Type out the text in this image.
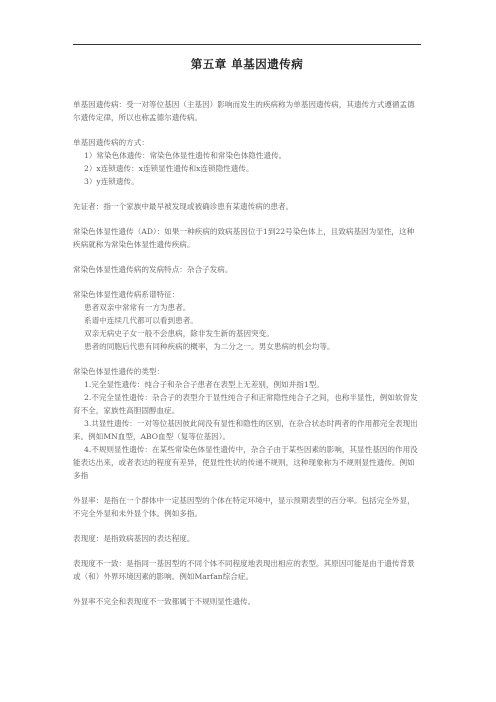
第五章 单基因遗传病

单基因遗传病：受一对等位基因（主基因）影响而发生的疾病称为单基因遗传病，其遗传方式遵循孟德尔遗传定律，所以也称孟德尔遗传病。

单基因遗传病的方式：

1）常染色体遗传：常染色体显性遗传和常染色体隐性遗传。

2）x连锁遗传：x连锁显性遗传和x连锁隐性遗传。

3）y连锁遗传。

先证者：指一个家族中最早被发现或被确诊患有某遗传病的患者。

常染色体显性遗传（AD）：如果一种疾病的致病基因位于1到22号染色体上，且致病基因为显性，这种疾病就称为常染色体显性遗传疾病。

常染色体显性遗传病的发病特点：杂合子发病。

常染色体显性遗传病系谱特征：

患者双亲中常常有一方为患者。

系谱中连续几代都可以看到患者。

双亲无病史子女一般不会患病，除非发生新的基因突变。

患者的同胞后代患有同种疾病的概率，为二分之一。男女患病的机会均等。

常染色体显性遗传的类型：

1.完全显性遗传：纯合子和杂合子患者在表型上无差别，例如并指1型。

2.不完全显性遗传：杂合子的表型介于显性纯合子和正常隐性纯合子之间，也称半显性，例如软骨发育不全，家族性高胆固醇血症。

3.共显性遗传：一对等位基因彼此间没有显性和隐性的区别，在杂合状态时两者的作用都完全表现出来。例如MN血型，ABO血型（复等位基因）。

4.不规则显性遗传：在某些常染色体显性遗传中，杂合子由于某些因素的影响，其显性基因的作用没能表达出来，或者表达的程度有差异，使显性性状的传递不规则，这种现象称为不规则显性遗传。例如多指

外显率：是指在一个群体中一定基因型的个体在特定环境中，显示预期表型的百分率。包括完全外显，不完全外显和未外显个体。例如多指。

表现度：是指致病基因的表达程度。

表现度不一致：是指同一基因型的不同个体不同程度地表现出相应的表型。其原因可能是由于遗传背景或（和）外界环境因素的影响。例如Marfan综合症。

外显率不完全和表现度不一致都属于不规则显性遗传。
